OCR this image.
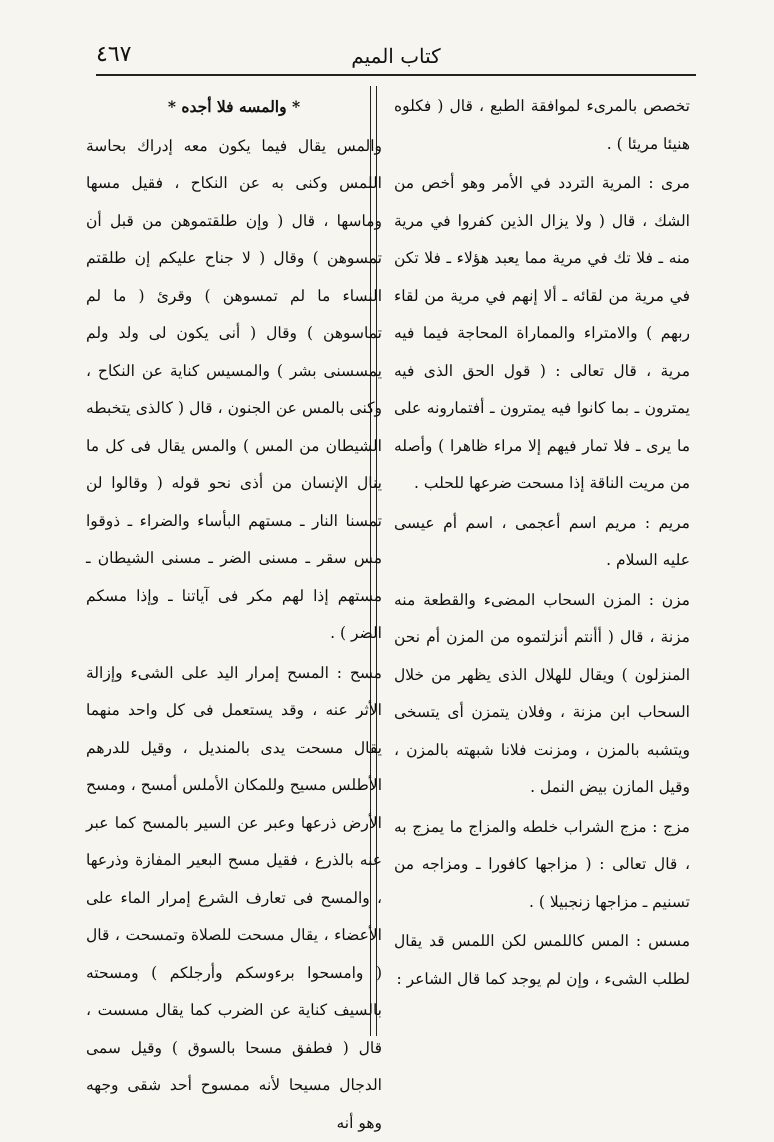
٤٦٧	كتاب الميم

تخصص بالمرىء لموافقة الطبع ، قال ( فكلوه هنيئا مريئا ) .

مرى : المرية التردد في الأمر وهو أخص من الشك ، قال ( ولا يزال الذين كفروا في مرية منه ـ فلا تك في مرية مما يعبد هؤلاء ـ فلا تكن في مرية من لقائه ـ ألا إنهم في مرية من لقاء ربهم ) والامتراء والمماراة المحاجة فيما فيه مرية ، قال تعالى : ( قول الحق الذى فيه يمترون ـ بما كانوا فيه يمترون ـ أفتمارونه على ما يرى ـ فلا تمار فيهم إلا مراء ظاهرا ) وأصله من مريت الناقة إذا مسحت ضرعها للحلب .

مريم : مريم اسم أعجمى ، اسم أم عيسى عليه السلام .

مزن : المزن السحاب المضىء والقطعة منه مزنة ، قال ( أأنتم أنزلتموه من المزن أم نحن المنزلون ) ويقال للهلال الذى يظهر من خلال السحاب ابن مزنة ، وفلان يتمزن أى يتسخى ويتشبه بالمزن ، ومزنت فلانا شبهته بالمزن ، وقيل المازن بيض النمل .

مزج : مزج الشراب خلطه والمزاج ما يمزج به ، قال تعالى : ( مزاجها كافورا ـ ومزاجه من تسنيم ـ مزاجها زنجبيلا ) .

مسس : المس كاللمس لكن اللمس قد يقال لطلب الشىء ، وإن لم يوجد كما قال الشاعر :

* والمسه فلا أجده *

والمس يقال فيما يكون معه إدراك بحاسة اللمس وكنى به عن النكاح ، فقيل مسها وماسها ، قال ( وإن طلقتموهن من قبل أن تمسوهن ) وقال ( لا جناح عليكم إن طلقتم النساء ما لم تمسوهن ) وقرئ ( ما لم تماسوهن ) وقال ( أنى يكون لى ولد ولم يمسسنى بشر ) والمسيس كناية عن النكاح ، وكنى بالمس عن الجنون ، قال ( كالذى يتخبطه الشيطان من المس ) والمس يقال فى كل ما ينال الإنسان من أذى نحو قوله ( وقالوا لن تمسنا النار ـ مستهم البأساء والضراء ـ ذوقوا مس سقر ـ مسنى الضر ـ مسنى الشيطان ـ مستهم إذا لهم مكر فى آياتنا ـ وإذا مسكم الضر ) .

مسح : المسح إمرار اليد على الشىء وإزالة الأثر عنه ، وقد يستعمل فى كل واحد منهما يقال مسحت يدى بالمنديل ، وقيل للدرهم الأطلس مسيح وللمكان الأملس أمسح ، ومسح الأرض ذرعها وعبر عن السير بالمسح كما عبر عنه بالذرع ، فقيل مسح البعير المفازة وذرعها ، والمسح فى تعارف الشرع إمرار الماء على الأعضاء ، يقال مسحت للصلاة وتمسحت ، قال ( وامسحوا برءوسكم وأرجلكم ) ومسحته بالسيف كناية عن الضرب كما يقال مسست ، قال ( فطفق مسحا بالسوق ) وقيل سمى الدجال مسيحا لأنه ممسوح أحد شقى وجهه وهو أنه
